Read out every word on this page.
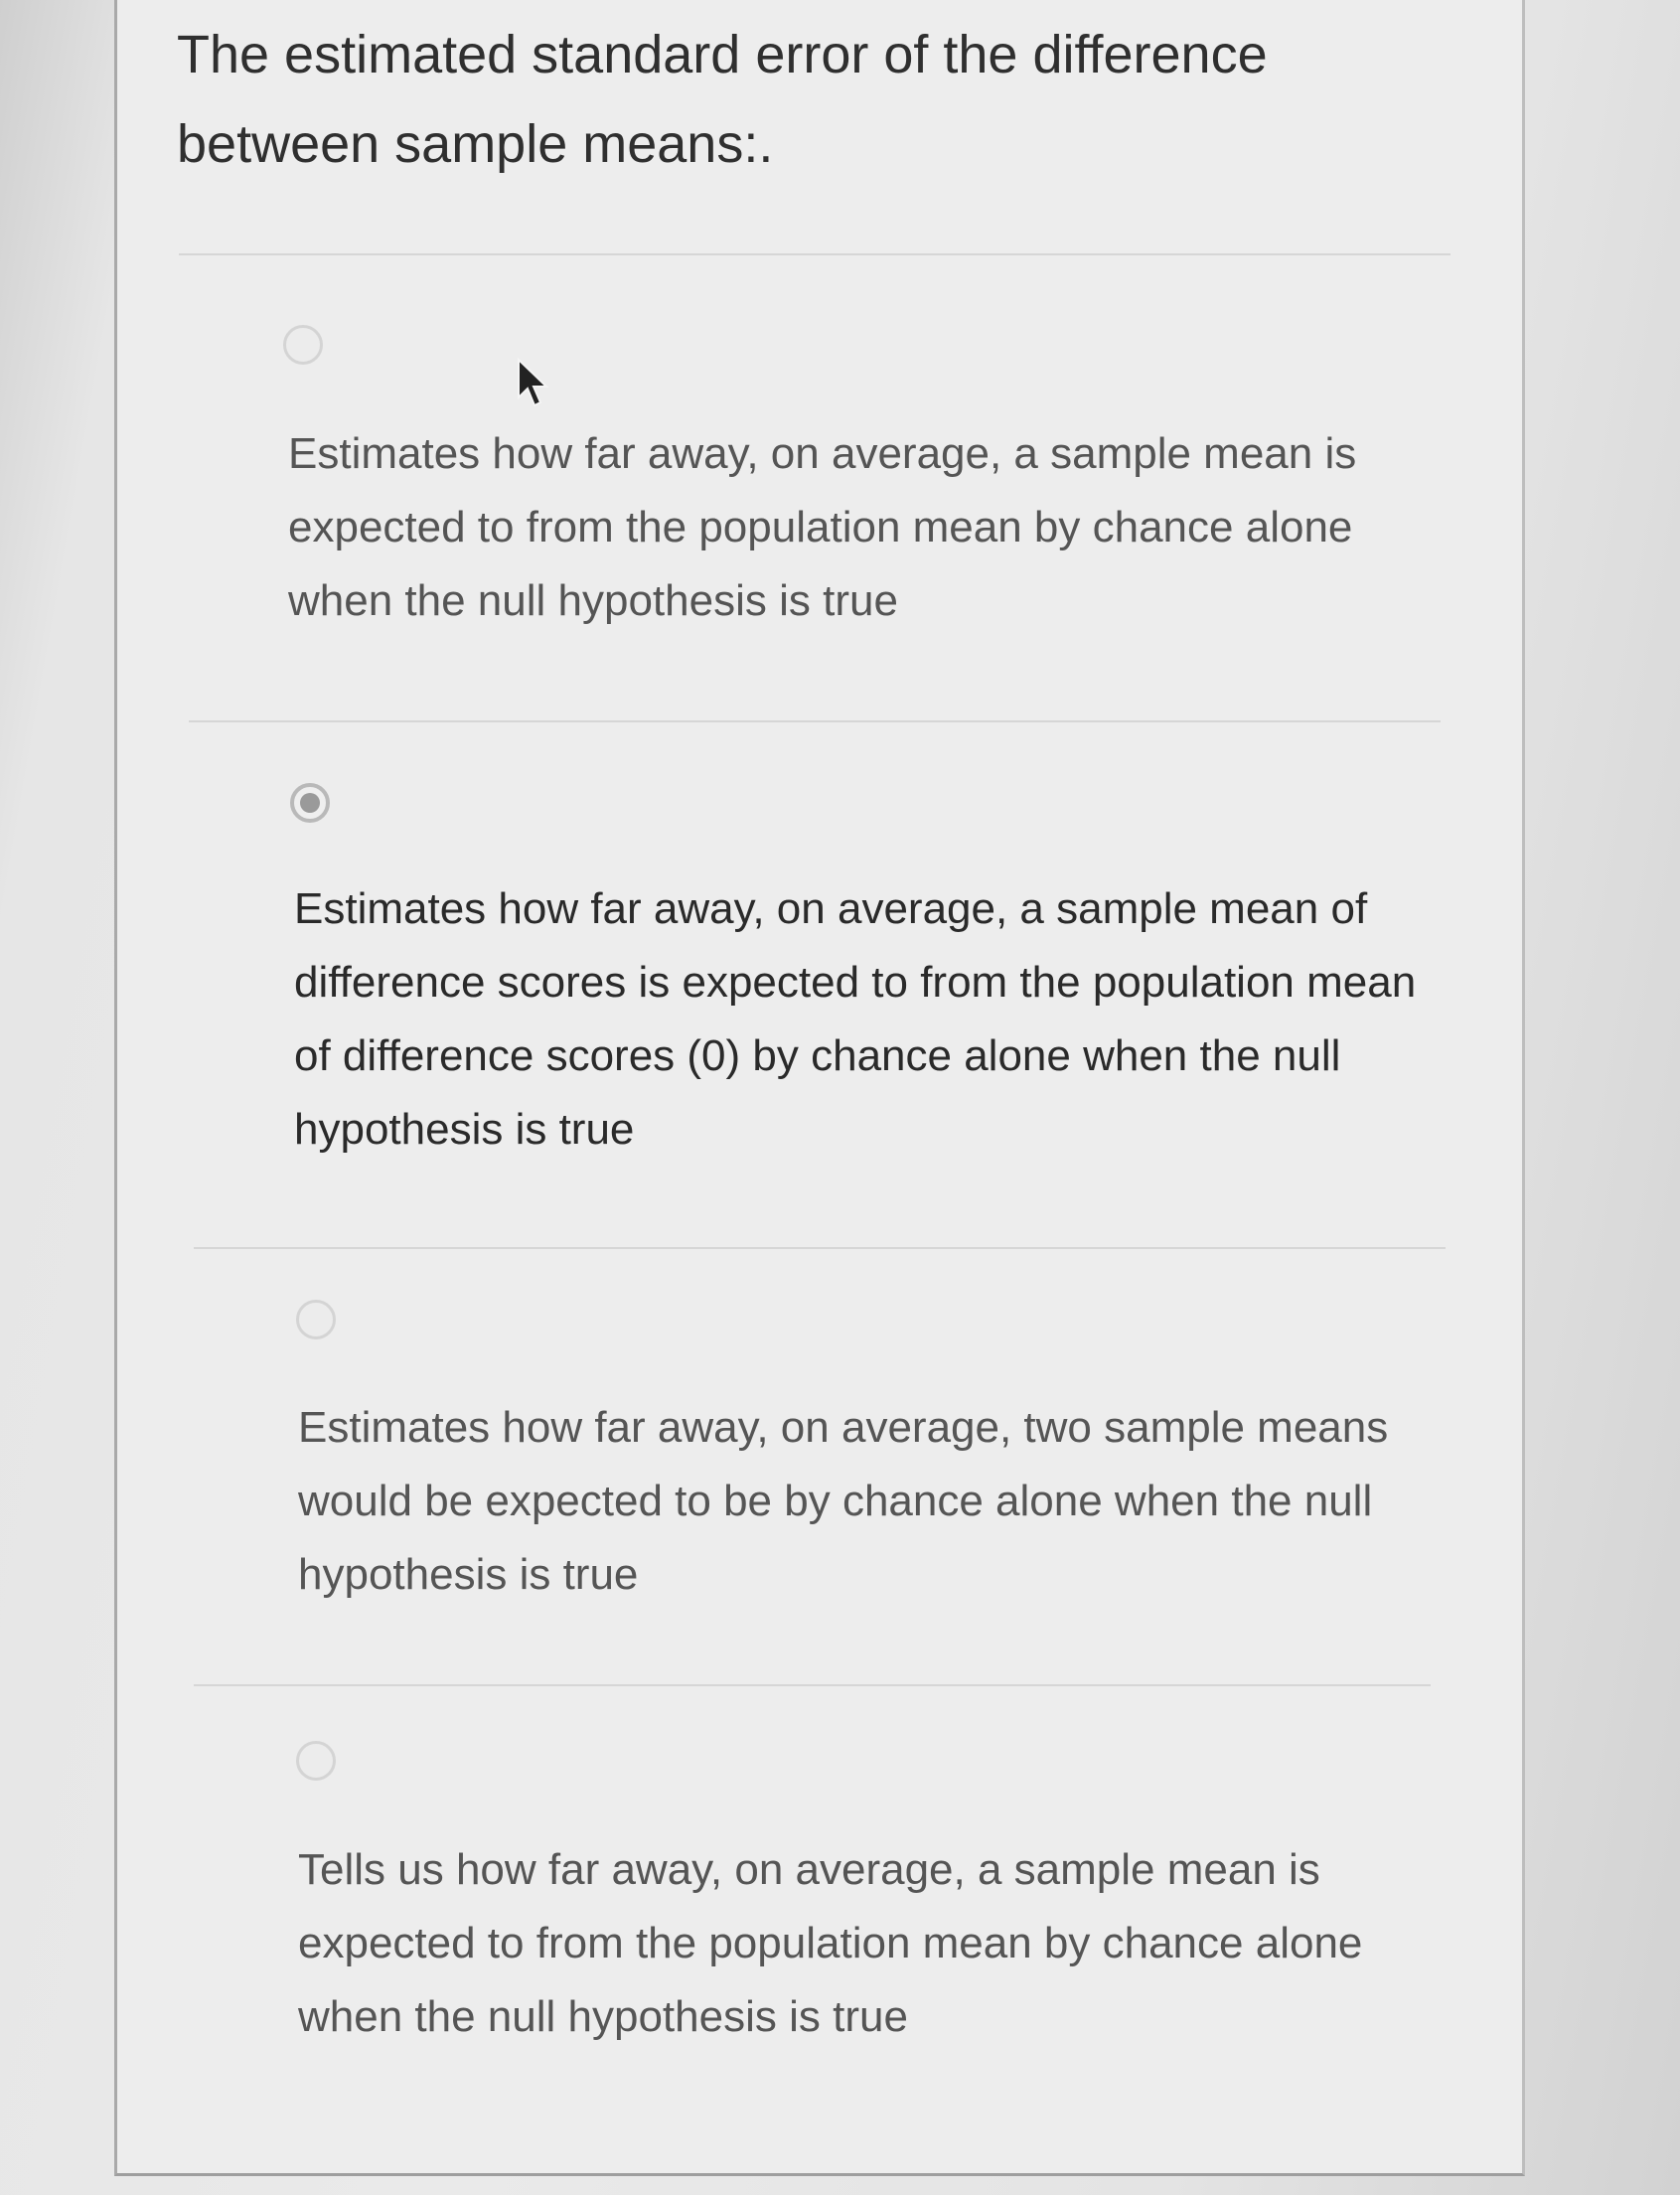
The estimated standard error of the difference between sample means:.
Estimates how far away, on average, a sample mean is expected to from the population mean by chance alone when the null hypothesis is true
Estimates how far away, on average, a sample mean of difference scores is expected to from the population mean of difference scores (0) by chance alone when the null hypothesis is true
Estimates how far away, on average, two sample means would be expected to be by chance alone when the null hypothesis is true
Tells us how far away, on average, a sample mean is expected to from the population mean by chance alone when the null hypothesis is true
